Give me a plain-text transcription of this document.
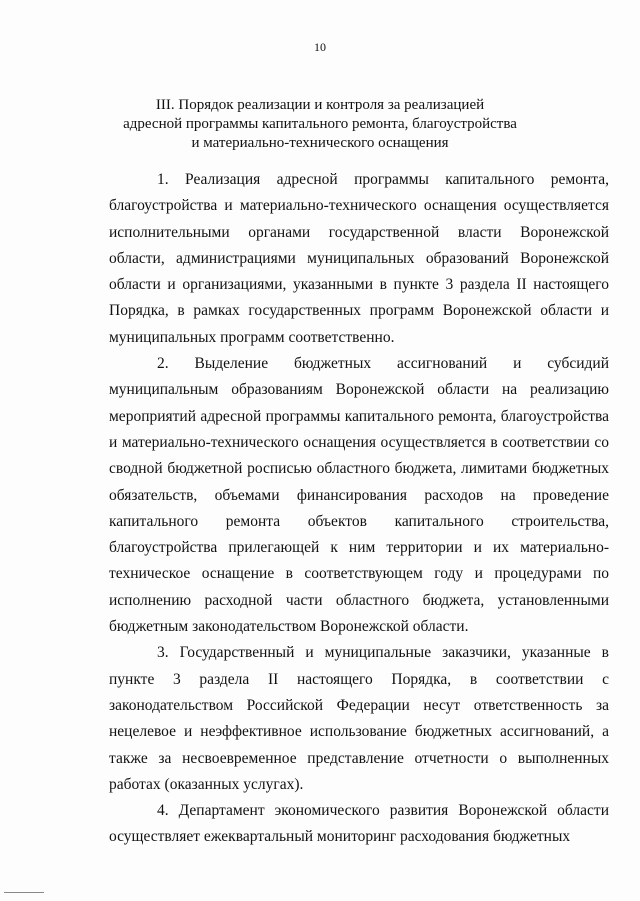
10
III. Порядок реализации и контроля за реализацией
адресной программы капитального ремонта, благоустройства
и материально-технического оснащения

1. Реализация адресной программы капитального ремонта, благоустройства и материально-технического оснащения осуществляется исполнительными органами государственной власти Воронежской области, администрациями муниципальных образований Воронежской области и организациями, указанными в пункте 3 раздела II настоящего Порядка, в рамках государственных программ Воронежской области и муниципальных программ соответственно.

2. Выделение бюджетных ассигнований и субсидий муниципальным образованиям Воронежской области на реализацию мероприятий адресной программы капитального ремонта, благоустройства и материально-технического оснащения осуществляется в соответствии со сводной бюджетной росписью областного бюджета, лимитами бюджетных обязательств, объемами финансирования расходов на проведение капитального ремонта объектов капитального строительства, благоустройства прилегающей к ним территории и их материально-техническое оснащение в соответствующем году и процедурами по исполнению расходной части областного бюджета, установленными бюджетным законодательством Воронежской области.

3. Государственный и муниципальные заказчики, указанные в пункте 3 раздела II настоящего Порядка, в соответствии с законодательством Российской Федерации несут ответственность за нецелевое и неэффективное использование бюджетных ассигнований, а также за несвоевременное представление отчетности о выполненных работах (оказанных услугах).

4. Департамент экономического развития Воронежской области осуществляет ежеквартальный мониторинг расходования бюджетных
